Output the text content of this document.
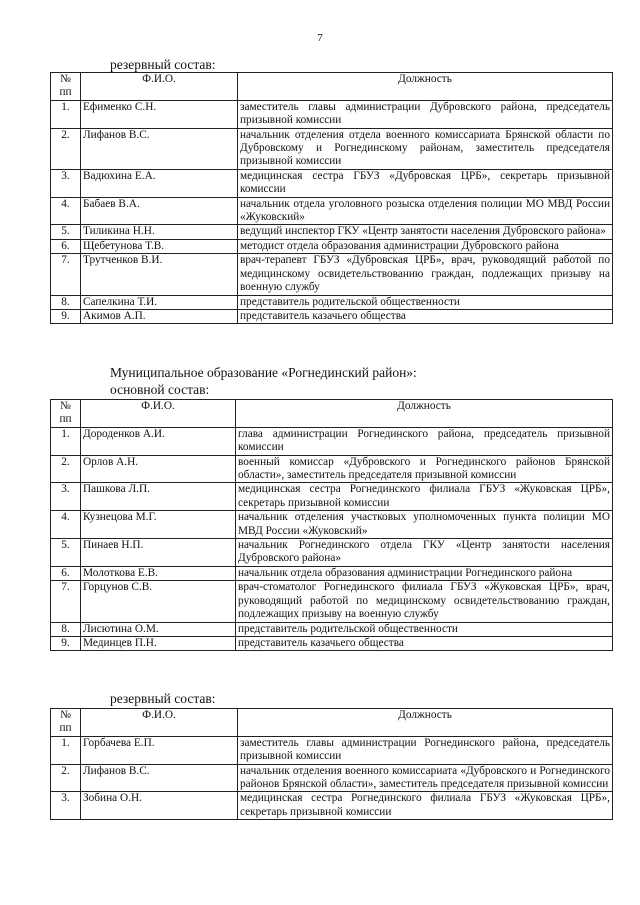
7
резервный состав:
№ пп	Ф.И.О.	Должность
1.	Ефименко С.Н.	заместитель главы администрации Дубровского района, председатель призывной комиссии
2.	Лифанов В.С.	начальник отделения отдела военного комиссариата Брянской области по Дубровскому и Рогнединскому районам, заместитель председателя призывной комиссии
3.	Вадюхина Е.А.	медицинская сестра ГБУЗ «Дубровская ЦРБ», секретарь призывной комиссии
4.	Бабаев В.А.	начальник отдела уголовного розыска отделения полиции МО МВД России «Жуковский»
5.	Тиликина Н.Н.	ведущий инспектор ГКУ «Центр занятости населения Дубровского района»
6.	Щебетунова Т.В.	методист отдела образования администрации Дубровского района
7.	Трутченков В.И.	врач-терапевт ГБУЗ «Дубровская ЦРБ», врач, руководящий работой по медицинскому освидетельствованию граждан, подлежащих призыву на военную службу
8.	Сапелкина Т.И.	представитель родительской общественности
9.	Акимов А.П.	представитель казачьего общества
Муниципальное образование «Рогнединский район»:
основной состав:
№ пп	Ф.И.О.	Должность
1.	Дороденков А.И.	глава администрации Рогнединского района, председатель призывной комиссии
2.	Орлов А.Н.	военный комиссар «Дубровского и Рогнединского районов Брянской области», заместитель председателя призывной комиссии
3.	Пашкова Л.П.	медицинская сестра Рогнединского филиала ГБУЗ «Жуковская ЦРБ», секретарь призывной комиссии
4.	Кузнецова М.Г.	начальник отделения участковых уполномоченных пункта полиции МО МВД России «Жуковский»
5.	Пинаев Н.П.	начальник Рогнединского отдела ГКУ «Центр занятости населения Дубровского района»
6.	Молоткова Е.В.	начальник отдела образования администрации Рогнединского района
7.	Горцунов С.В.	врач-стоматолог Рогнединского филиала ГБУЗ «Жуковская ЦРБ», врач, руководящий работой по медицинскому освидетельствованию граждан, подлежащих призыву на военную службу
8.	Лисютина О.М.	представитель родительской общественности
9.	Мединцев П.Н.	представитель казачьего общества
резервный состав:
№ пп	Ф.И.О.	Должность
1.	Горбачева Е.П.	заместитель главы администрации Рогнединского района, председатель призывной комиссии
2.	Лифанов В.С.	начальник отделения военного комиссариата «Дубровского и Рогнединского районов Брянской области», заместитель председателя призывной комиссии
3.	Зобина О.Н.	медицинская сестра Рогнединского филиала ГБУЗ «Жуковская ЦРБ», секретарь призывной комиссии
